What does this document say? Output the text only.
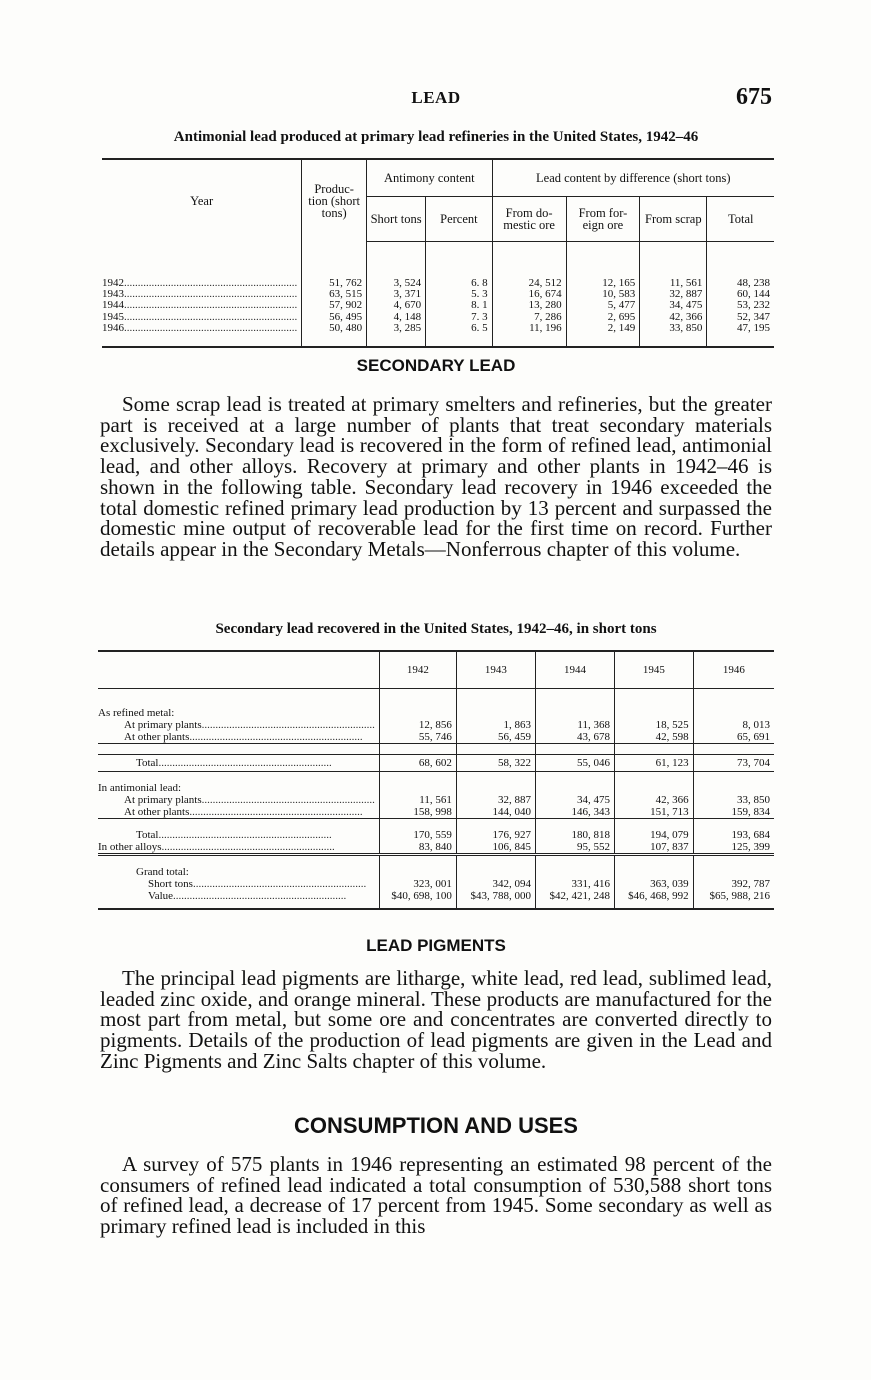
LEAD	675
Antimonial lead produced at primary lead refineries in the United States, 1942–46
Year	Produc- tion (short tons)	Antimony content		Lead content by difference (short tons)			
		Short tons	Percent	From do- mestic ore	From for- eign ore	From scrap	Total
1942...............................................................	51, 762	3, 524	6. 8	24, 512	12, 165	11, 561	48, 238
1943...............................................................	63, 515	3, 371	5. 3	16, 674	10, 583	32, 887	60, 144
1944...............................................................	57, 902	4, 670	8. 1	13, 280	5, 477	34, 475	53, 232
1945...............................................................	56, 495	4, 148	7. 3	7, 286	2, 695	42, 366	52, 347
1946...............................................................	50, 480	3, 285	6. 5	11, 196	2, 149	33, 850	47, 195
SECONDARY LEAD

Some scrap lead is treated at primary smelters and refineries, but the greater part is received at a large number of plants that treat secondary materials exclusively. Secondary lead is recovered in the form of refined lead, antimonial lead, and other alloys. Recovery at primary and other plants in 1942–46 is shown in the following table. Secondary lead recovery in 1946 exceeded the total domestic refined primary lead production by 13 percent and surpassed the domestic mine output of recoverable lead for the first time on record. Further details appear in the Secondary Metals—Nonferrous chapter of this volume.

Secondary lead recovered in the United States, 1942–46, in short tons
	1942	1943	1944	1945	1946

As refined metal:					
At primary plants...............................................................	12, 856	1, 863	11, 368	18, 525	8, 013
At other plants...............................................................	55, 746	56, 459	43, 678	42, 598	65, 691

Total...............................................................	68, 602	58, 322	55, 046	61, 123	73, 704

In antimonial lead:					
At primary plants...............................................................	11, 561	32, 887	34, 475	42, 366	33, 850
At other plants...............................................................	158, 998	144, 040	146, 343	151, 713	159, 834

Total...............................................................	170, 559	176, 927	180, 818	194, 079	193, 684
In other alloys...............................................................	83, 840	106, 845	95, 552	107, 837	125, 399

Grand total:					
Short tons...............................................................	323, 001	342, 094	331, 416	363, 039	392, 787
Value...............................................................	$40, 698, 100	$43, 788, 000	$42, 421, 248	$46, 468, 992	$65, 988, 216
LEAD PIGMENTS

The principal lead pigments are litharge, white lead, red lead, sublimed lead, leaded zinc oxide, and orange mineral. These products are manufactured for the most part from metal, but some ore and concentrates are converted directly to pigments. Details of the production of lead pigments are given in the Lead and Zinc Pigments and Zinc Salts chapter of this volume.

CONSUMPTION AND USES

A survey of 575 plants in 1946 representing an estimated 98 percent of the consumers of refined lead indicated a total consumption of 530,588 short tons of refined lead, a decrease of 17 percent from 1945. Some secondary as well as primary refined lead is included in this
